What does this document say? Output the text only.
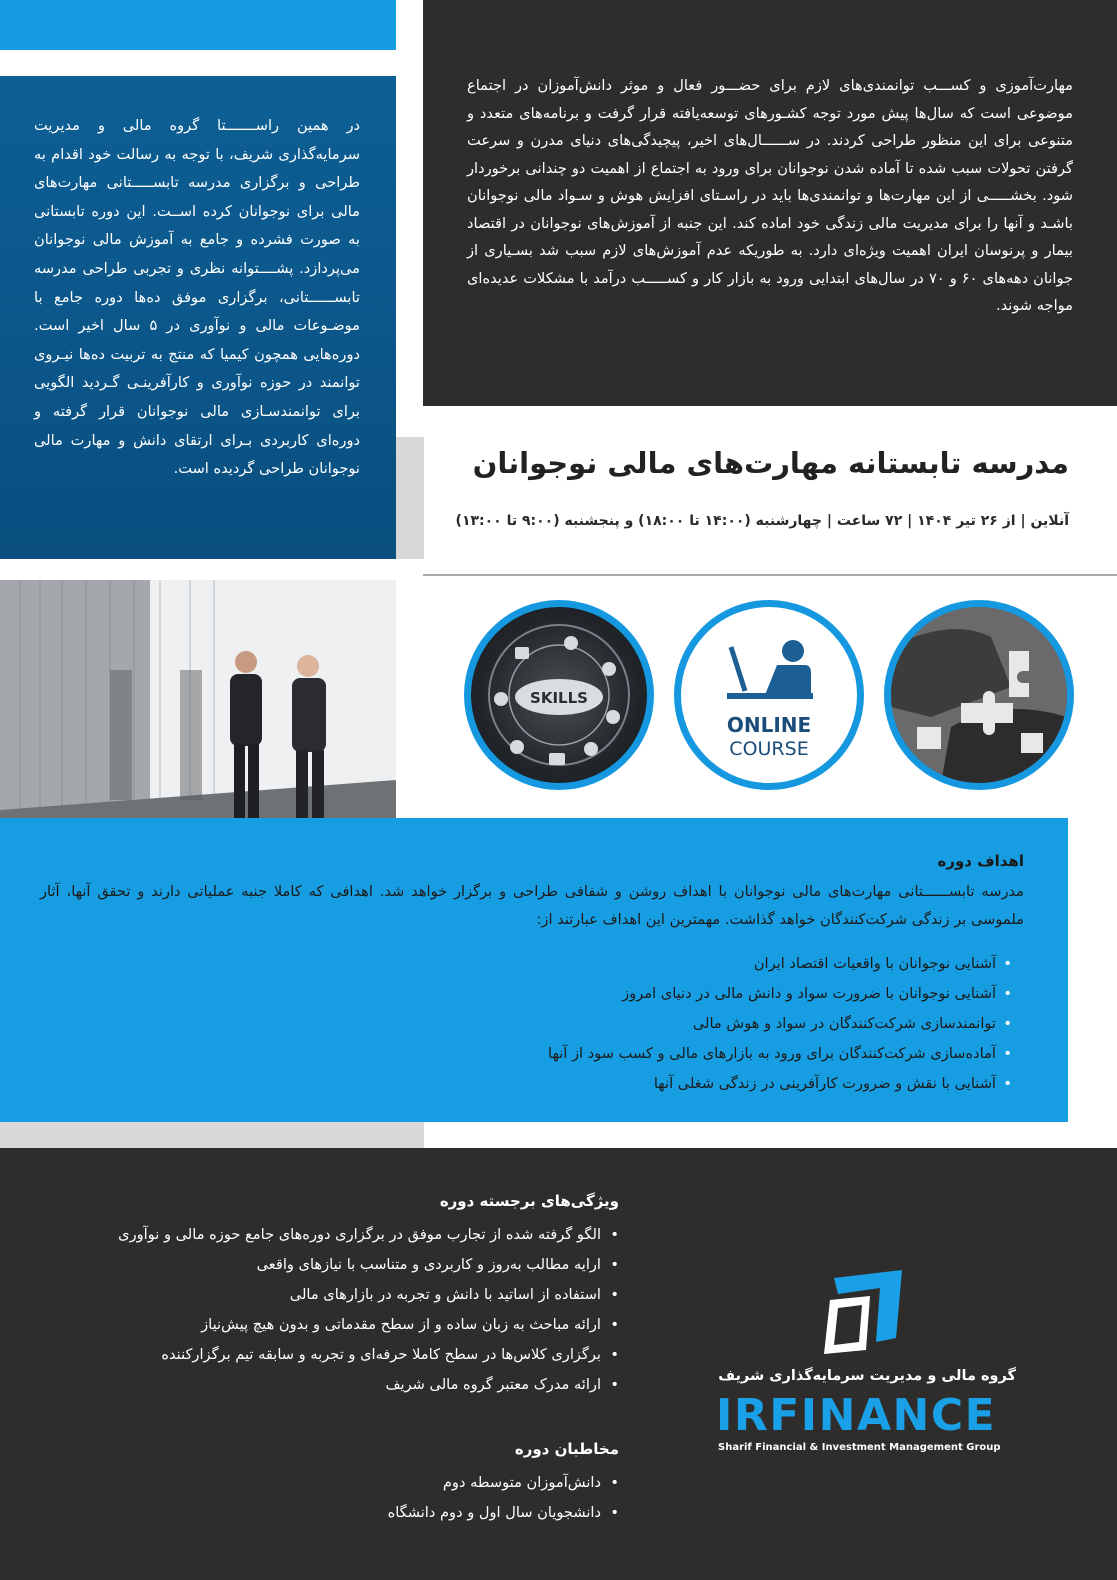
مهارت‌آموزی و کســـب توانمندی‌های لازم برای حضـــور فعال و موثر دانش‌آموزان در اجتماع موضوعی است که سال‌ها پیش مورد توجه کشـورهای توسعه‌یافته قرار گرفت و برنامه‌های متعدد و متنوعی برای این منظور طراحی کردند. در ســــــال‌های اخیر، پیچیدگی‌های دنیای مدرن و سرعت گرفتن تحولات سبب شده تا آماده شدن نوجوانان برای ورود به اجتماع از اهمیت دو چندانی برخوردار شود. بخشـــــی از این مهارت‌ها و توانمندی‌ها باید در راسـتای افزایش هوش و سـواد مالی نوجوانان باشـد و آنها را برای مدیریت مالی زندگی خود اماده کند. این جنبه از آموزش‌های نوجوانان در اقتصاد بیمار و پرنوسان ایران اهمیت ویژه‌ای دارد. به طوریکه عدم آموزش‌های لازم سبب شد بسـیاری از جوانان دهه‌های ۶۰ و ۷۰ در سال‌های ابتدایی ورود به بازار کار و کســـــب درآمد با مشکلات عدیده‌ای مواجه شوند.

در همین راســـــــتا گروه مالی و مدیریت سرمایه‌گذاری شریف، با توجه به رسالت خود اقدام به طراحی و برگزاری مدرسه تابســـــتانی مهارت‌های مالی برای نوجوانان کرده اســت. این دوره تابستانی به صورت فشرده و جامع به آموزش مالی نوجوانان می‌پردازد. پشــــتوانه نظری و تجربی طراحی مدرسه تابســــــتانی، برگزاری موفق ده‌ها دوره جامع با موضـوعات مالی و نوآوری در ۵ سال اخیر است. دوره‌هایی همچون کیمیا که منتج به تربیت ده‌ها نیـروی توانمند در حوزه نوآوری و کارآفرینـی گـردید الگویی برای توانمندسـازی مالی نوجوانان قرار گرفته و دوره‌ای کاربردی بـرای ارتقای دانش و مهارت مالی نوجوانان طراحی گردیده است.	مدرسه تابستانه مهارت‌های مالی نوجوانان
آنلاین | از ۲۶ تیر ۱۴۰۴ | ۷۲ ساعت | چهارشنبه (۱۴:۰۰ تا ۱۸:۰۰) و پنجشنبه (۹:۰۰ تا ۱۳:۰۰)
SKILLS
ONLINE
COURSE
اهداف دوره

مدرسه تابســــــتانی مهارت‌های مالی نوجوانان با اهداف روشن و شفافی طراحی و برگزار خواهد شد. اهدافی که کاملا جنبه عملیاتی دارند و تحقق آنها، آثار ملموسی بر زندگی شرکت‌کنندگان خواهد گذاشت. مهمترین این اهداف عبارتند از:

• آشنایی نوجوانان با واقعیات اقتصاد ایران
• آشنایی نوجوانان با ضرورت سواد و دانش مالی در دنیای امروز
• توانمندسازی شرکت‌کنندگان در سواد و هوش مالی
• آماده‌سازی شرکت‌کنندگان برای ورود به بازارهای مالی و کسب سود از آنها
• آشنایی با نقش و ضرورت کارآفرینی در زندگی شغلی آنها
ویژگی‌های برجسته دوره
• الگو گرفته شده از تجارب موفق در برگزاری دوره‌های جامع حوزه مالی و نوآوری
• ارایه مطالب به‌روز و کاربردی و متناسب با نیازهای واقعی
• استفاده از اساتید با دانش و تجربه در بازارهای مالی
• ارائه مباحث به زبان ساده و از سطح مقدماتی و بدون هیچ پیش‌نیاز
• برگزاری کلاس‌ها در سطح کاملا حرفه‌ای و تجربه و سابقه تیم برگزارکننده
• ارائه مدرک معتبر گروه مالی شریف
مخاطبان دوره
• دانش‌آموزان متوسطه دوم
• دانشجویان سال اول و دوم دانشگاه
گروه مالی و مدیریت سرمایه‌گذاری شریف
IRFINANCE
Sharif Financial & Investment Management Group
